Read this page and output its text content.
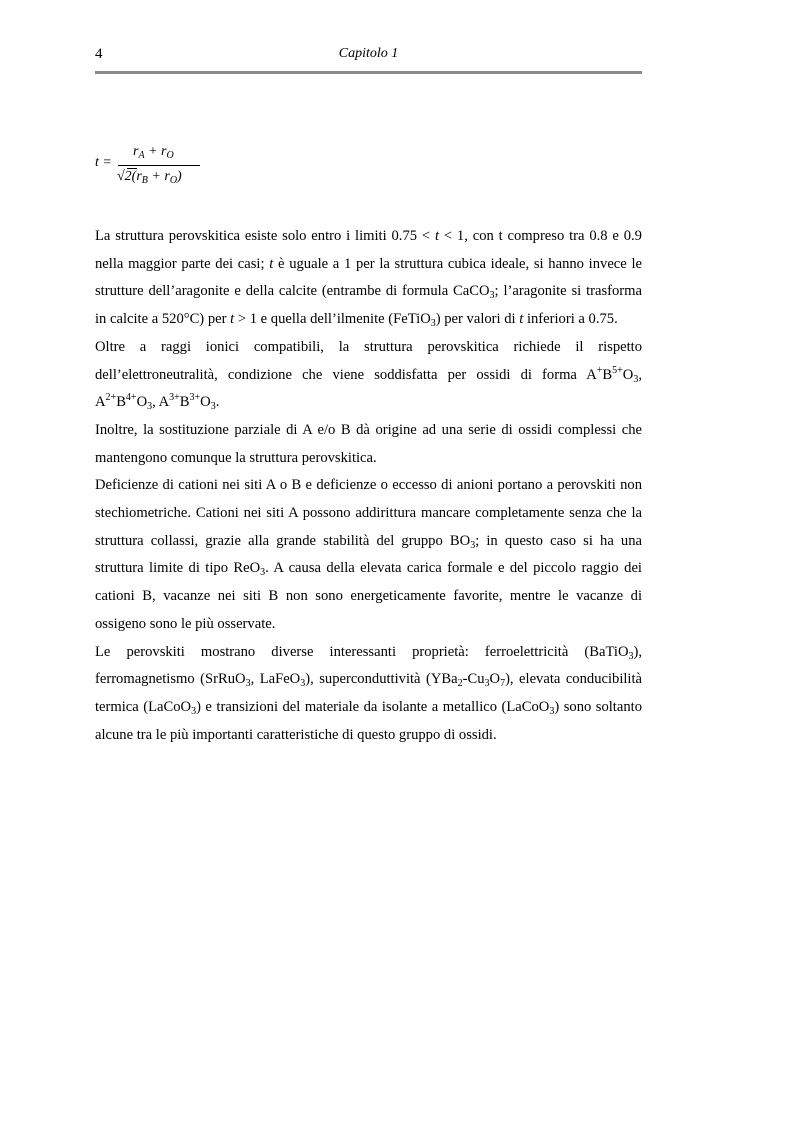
4	Capitolo 1
t =
$r_A + r_O$
$√2(r_B + r_O)$

La struttura perovskitica esiste solo entro i limiti 0.75 < t < 1, con t compreso tra 0.8 e 0.9 nella maggior parte dei casi; t è uguale a 1 per la struttura cubica ideale, si hanno invece le strutture dell’aragonite e della calcite (entrambe di formula CaCO$_3$; l’aragonite si trasforma in calcite a 520°C) per t > 1 e quella dell’ilmenite (FeTiO$_3$) per valori di t inferiori a 0.75.

Oltre a raggi ionici compatibili, la struttura perovskitica richiede il rispetto dell’elettroneutralità, condizione che viene soddisfatta per ossidi di forma $A^+B^{5+}O_3$, $A^{2+}B^{4+}O_3$, $A^{3+}B^{3+}O_3$.

Inoltre, la sostituzione parziale di A e/o B dà origine ad una serie di ossidi complessi che mantengono comunque la struttura perovskitica.

Deficienze di cationi nei siti A o B e deficienze o eccesso di anioni portano a perovskiti non stechiometriche. Cationi nei siti A possono addirittura mancare completamente senza che la struttura collassi, grazie alla grande stabilità del gruppo $BO_3$; in questo caso si ha una struttura limite di tipo ReO$_3$. A causa della elevata carica formale e del piccolo raggio dei cationi B, vacanze nei siti B non sono energeticamente favorite, mentre le vacanze di ossigeno sono le più osservate.

Le perovskiti mostrano diverse interessanti proprietà: ferroelettricità (BaTiO$_3$), ferromagnetismo (SrRuO$_3$, LaFeO$_3$), superconduttività $(YBa_2-Cu_3O_7)$, elevata conducibilità termica (LaCoO$_3$) e transizioni del materiale da isolante a metallico (LaCoO$_3$) sono soltanto alcune tra le più importanti caratteristiche di questo gruppo di ossidi.
